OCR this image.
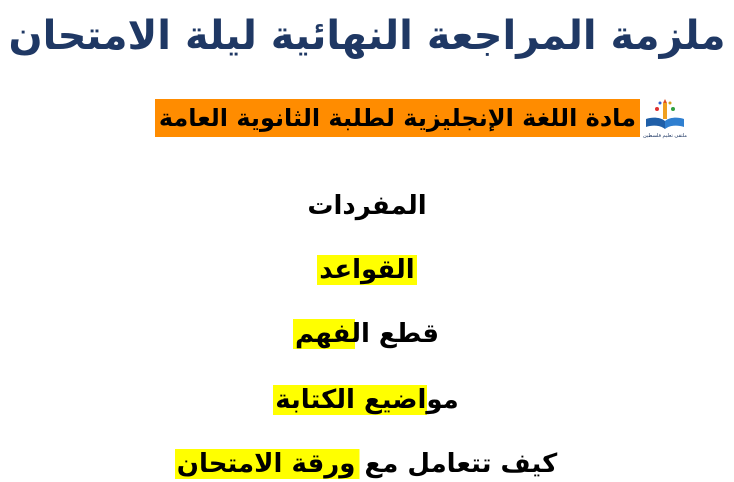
ملزمة المراجعة النهائية ليلة الامتحان
ملتقى تعليم فلسطين
مادة اللغة الإنجليزية لطلبة الثانوية العامة
المفردات
القواعد
قطع الفهم
مواضيع الكتابة
كيف تتعامل مع ورقة الامتحان
